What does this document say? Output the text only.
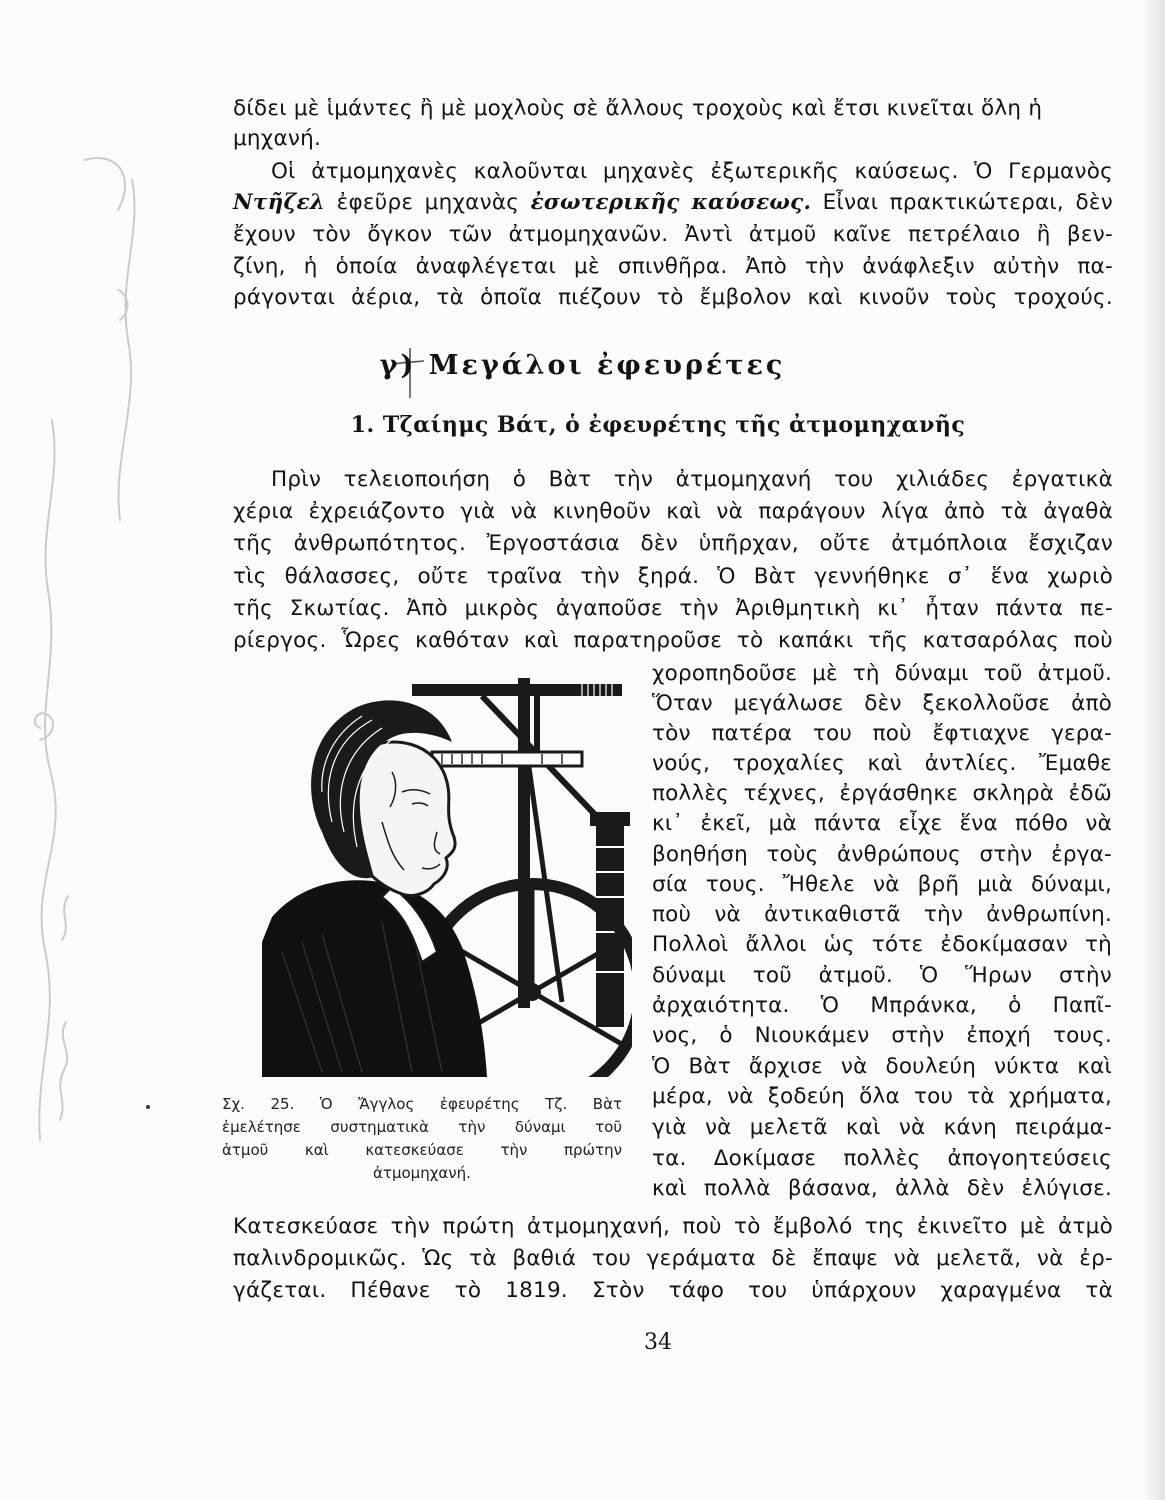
δίδει μὲ ἱμάντες ἢ μὲ μοχλοὺς σὲ ἄλλους τροχοὺς καὶ ἔτσι κινεῖται ὅλη ἡ
μηχανή.
Οἱ ἀτμομηχανὲς καλοῦνται μηχανὲς ἐξωτερικῆς καύσεως. Ὁ Γερμανὸς
Ντῆζελ ἐφεῦρε μηχανὰς ἐσωτερικῆς καύσεως. Εἶναι πρακτικώτεραι, δὲν
ἔχουν τὸν ὄγκον τῶν ἀτμομηχανῶν. Ἀντὶ ἀτμοῦ καῖνε πετρέλαιο ἢ βεν-
ζίνη, ἡ ὁποία ἀναφλέγεται μὲ σπινθῆρα. Ἀπὸ τὴν ἀνάφλεξιν αὐτὴν πα-
ράγονται ἀέρια, τὰ ὁποῖα πιέζουν τὸ ἔμβολον καὶ κινοῦν τοὺς τροχούς.
γ) Μεγάλοι ἐφευρέτες
1. Τζαίημς Βάτ, ὁ ἐφευρέτης τῆς ἀτμομηχανῆς
Πρὶν τελειοποιήση ὁ Βὰτ τὴν ἀτμομηχανή του χιλιάδες ἐργατικὰ
χέρια ἐχρειάζοντο γιὰ νὰ κινηθοῦν καὶ νὰ παράγουν λίγα ἀπὸ τὰ ἀγαθὰ
τῆς ἀνθρωπότητος. Ἐργοστάσια δὲν ὑπῆρχαν, οὔτε ἀτμόπλοια ἔσχιζαν
τὶς θάλασσες, οὔτε τραῖνα τὴν ξηρά. Ὁ Βὰτ γεννήθηκε σ᾽ ἕνα χωριὸ
τῆς Σκωτίας. Ἀπὸ μικρὸς ἀγαποῦσε τὴν Ἀριθμητικὴ κι᾽ ἦταν πάντα πε-
ρίεργος. Ὧρες καθόταν καὶ παρατηροῦσε τὸ καπάκι τῆς κατσαρόλας ποὺ
χοροπηδοῦσε μὲ τὴ δύναμι τοῦ ἀτμοῦ.
Ὅταν μεγάλωσε δὲν ξεκολλοῦσε ἀπὸ
τὸν πατέρα του ποὺ ἔφτιαχνε γερα-
νούς, τροχαλίες καὶ ἀντλίες. Ἔμαθε
πολλὲς τέχνες, ἐργάσθηκε σκληρὰ ἐδῶ
κι᾽ ἐκεῖ, μὰ πάντα εἶχε ἕνα πόθο νὰ
βοηθήση τοὺς ἀνθρώπους στὴν ἐργα-
σία τους. Ἤθελε νὰ βρῆ μιὰ δύναμι,
ποὺ νὰ ἀντικαθιστᾶ τὴν ἀνθρωπίνη.
Πολλοὶ ἄλλοι ὡς τότε ἐδοκίμασαν τὴ
δύναμι τοῦ ἀτμοῦ. Ὁ Ἥρων στὴν
ἀρχαιότητα. Ὁ Μπράνκα, ὁ Παπῖ-
νος, ὁ Νιουκάμεν στὴν ἐποχή τους.
Ὁ Βὰτ ἄρχισε νὰ δουλεύη νύκτα καὶ
μέρα, νὰ ξοδεύη ὅλα του τὰ χρήματα,
γιὰ νὰ μελετᾶ καὶ νὰ κάνη πειράμα-
τα. Δοκίμασε πολλὲς ἀπογοητεύσεις
καὶ πολλὰ βάσανα, ἀλλὰ δὲν ἐλύγισε.
Σχ. 25. Ὁ Ἄγγλος ἐφευρέτης Τζ. Βὰτ
ἐμελέτησε συστηματικὰ τὴν δύναμι τοῦ
ἀτμοῦ καὶ κατεσκεύασε τὴν πρώτην
ἀτμομηχανή.
Κατεσκεύασε τὴν πρώτη ἀτμομηχανή, ποὺ τὸ ἔμβολό της ἐκινεῖτο μὲ ἀτμὸ
παλινδρομικῶς. Ὡς τὰ βαθιά του γεράματα δὲ ἔπαψε νὰ μελετᾶ, νὰ ἐρ-
γάζεται. Πέθανε τὸ 1819. Στὸν τάφο του ὑπάρχουν χαραγμένα τὰ
34
